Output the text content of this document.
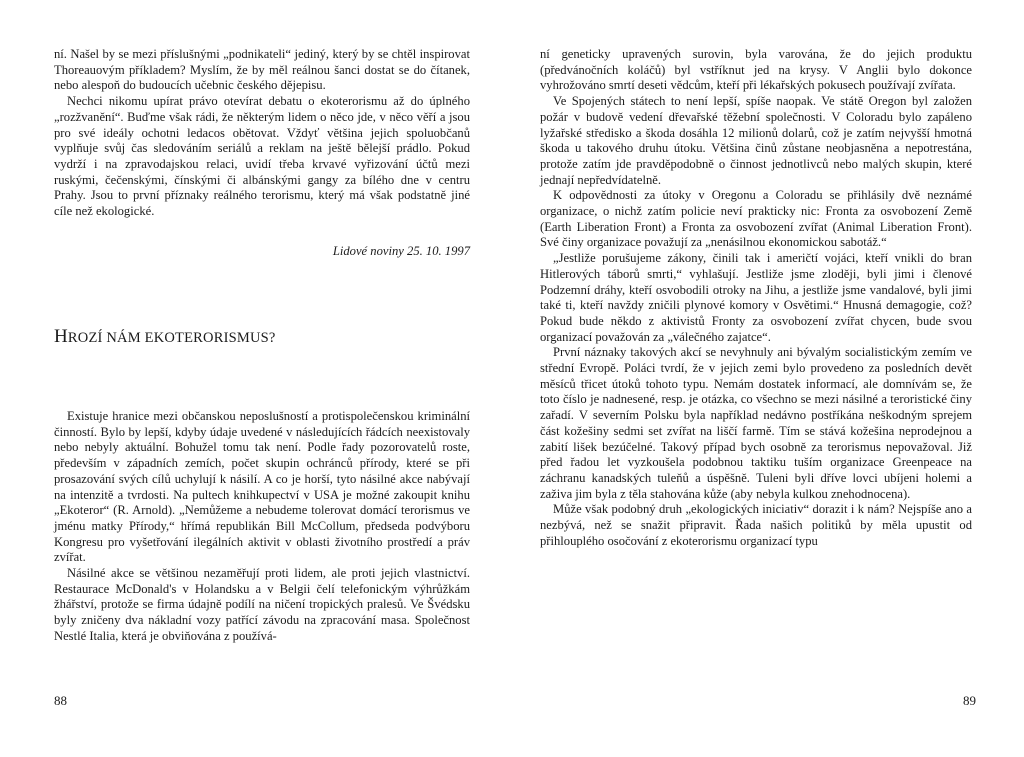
ní. Našel by se mezi příslušnými „podnikateli“ jediný, který by se chtěl inspirovat Thoreauovým příkladem? Myslím, že by měl reálnou šanci dostat se do čítanek, nebo alespoň do budoucích učebnic českého dějepisu.

Nechci nikomu upírat právo otevírat debatu o ekoterorismu až do úplného „rozžvanění“. Buďme však rádi, že některým lidem o něco jde, v něco věří a jsou pro své ideály ochotni ledacos obětovat. Vždyť většina jejich spoluobčanů vyplňuje svůj čas sledováním seriálů a reklam na ještě bělejší prádlo. Pokud vydrží i na zpravodajskou relaci, uvidí třeba krvavé vyřizování účtů mezi ruskými, čečenskými, čínskými či albánskými gangy za bílého dne v centru Prahy. Jsou to první příznaky reálného terorismu, který má však podstatně jiné cíle než ekologické.

Lidové noviny 25. 10. 1997

HROZÍ NÁM EKOTERORISMUS?

Existuje hranice mezi občanskou neposlušností a protispolečenskou kriminální činností. Bylo by lepší, kdyby údaje uvedené v následujících řádcích neexistovaly nebo nebyly aktuální. Bohužel tomu tak není. Podle řady pozorovatelů roste, především v západních zemích, počet skupin ochránců přírody, které se při prosazování svých cílů uchylují k násilí. A co je horší, tyto násilné akce nabývají na intenzitě a tvrdosti. Na pultech knihkupectví v USA je možné zakoupit knihu „Ekoteror“ (R. Arnold). „Nemůžeme a nebudeme tolerovat domácí terorismus ve jménu matky Přírody,“ hřímá republikán Bill McCollum, předseda podvýboru Kongresu pro vyšetřování ilegálních aktivit v oblasti životního prostředí a práv zvířat.

Násilné akce se většinou nezaměřují proti lidem, ale proti jejich vlastnictví. Restaurace McDonald's v Holandsku a v Belgii čelí telefonickým výhrůžkám žhářství, protože se firma údajně podílí na ničení tropických pralesů. Ve Švédsku byly zničeny dva nákladní vozy patřící závodu na zpracování masa. Společnost Nestlé Italia, která je obviňována z používá-

88

ní geneticky upravených surovin, byla varována, že do jejich produktu (předvánočních koláčů) byl vstříknut jed na krysy. V Anglii bylo dokonce vyhrožováno smrtí deseti vědcům, kteří při lékařských pokusech používají zvířata.

Ve Spojených státech to není lepší, spíše naopak. Ve státě Oregon byl založen požár v budově vedení dřevařské těžební společnosti. V Coloradu bylo zapáleno lyžařské středisko a škoda dosáhla 12 milionů dolarů, což je zatím nejvyšší hmotná škoda u takového druhu útoku. Většina činů zůstane neobjasněna a nepotrestána, protože zatím jde pravděpodobně o činnost jednotlivců nebo malých skupin, které jednají nepředvídatelně.

K odpovědnosti za útoky v Oregonu a Coloradu se přihlásily dvě neznámé organizace, o nichž zatím policie neví prakticky nic: Fronta za osvobození Země (Earth Liberation Front) a Fronta za osvobození zvířat (Animal Liberation Front). Své činy organizace považují za „nenásilnou ekonomickou sabotáž.“

„Jestliže porušujeme zákony, činili tak i američtí vojáci, kteří vnikli do bran Hitlerových táborů smrti,“ vyhlašují. Jestliže jsme zloději, byli jimi i členové Podzemní dráhy, kteří osvobodili otroky na Jihu, a jestliže jsme vandalové, byli jimi také ti, kteří navždy zničili plynové komory v Osvětimi.“ Hnusná demagogie, což? Pokud bude někdo z aktivistů Fronty za osvobození zvířat chycen, bude svou organizací považován za „válečného zajatce“.

První náznaky takových akcí se nevyhnuly ani bývalým socialistickým zemím ve střední Evropě. Poláci tvrdí, že v jejich zemi bylo provedeno za posledních devět měsíců třicet útoků tohoto typu. Nemám dostatek informací, ale domnívám se, že toto číslo je nadnesené, resp. je otázka, co všechno se mezi násilné a teroristické činy zařadí. V severním Polsku byla například nedávno postříkána neškodným sprejem část kožešiny sedmi set zvířat na liščí farmě. Tím se stává kožešina neprodejnou a zabití lišek bezúčelné. Takový případ bych osobně za terorismus nepovažoval. Již před řadou let vyzkoušela podobnou taktiku tuším organizace Greenpeace na záchranu kanadských tuleňů a úspěšně. Tuleni byli dříve lovci ubíjeni holemi a zaživa jim byla z těla stahována kůže (aby nebyla kulkou znehodnocena).

Může však podobný druh „ekologických iniciativ“ dorazit i k nám? Nejspíše ano a nezbývá, než se snažit připravit. Řada našich politiků by měla upustit od přihlouplého osočování z ekoterorismu organizací typu

89
